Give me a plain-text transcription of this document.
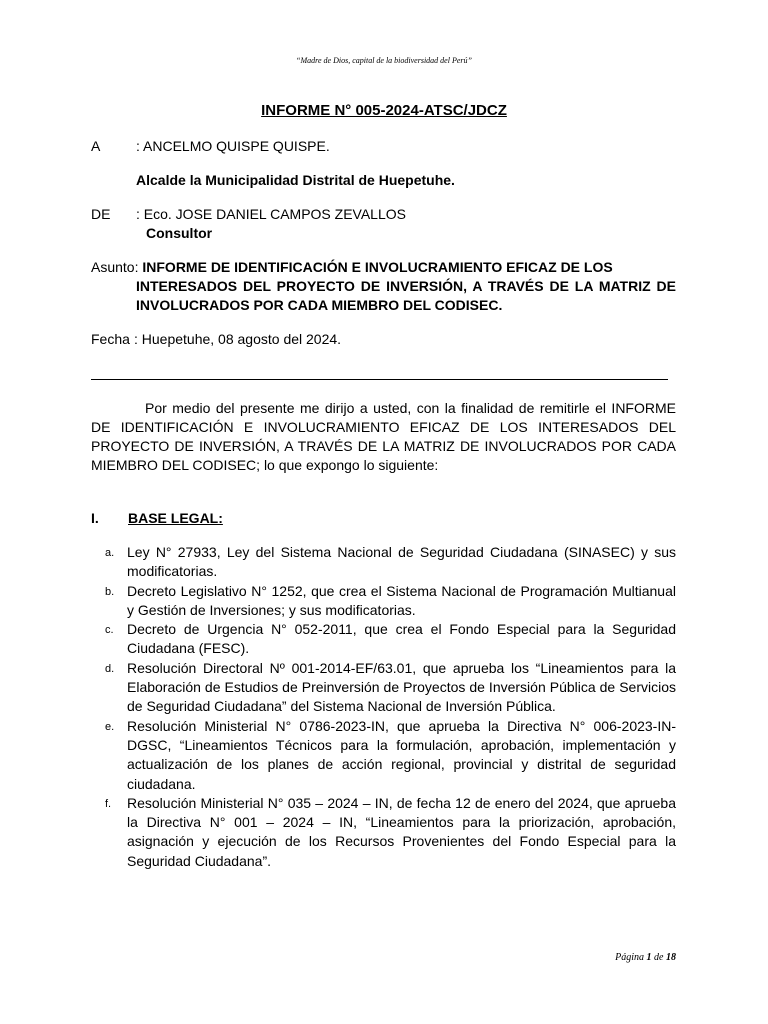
“Madre de Dios, capital de la biodiversidad del Perú”
INFORME N° 005-2024-ATSC/JDCZ
A	: ANCELMO QUISPE QUISPE.
Alcalde la Municipalidad Distrital de Huepetuhe.
DE : Eco. JOSE DANIEL CAMPOS ZEVALLOS
Consultor
Asunto: INFORME DE IDENTIFICACIÓN E INVOLUCRAMIENTO EFICAZ DE LOS
INTERESADOS DEL PROYECTO DE INVERSIÓN, A TRAVÉS DE LA MATRIZ DE INVOLUCRADOS POR CADA MIEMBRO DEL CODISEC.
Fecha : Huepetuhe, 08 agosto del 2024.
Por medio del presente me dirijo a usted, con la finalidad de remitirle el INFORME DE IDENTIFICACIÓN E INVOLUCRAMIENTO EFICAZ DE LOS INTERESADOS DEL PROYECTO DE INVERSIÓN, A TRAVÉS DE LA MATRIZ DE INVOLUCRADOS POR CADA MIEMBRO DEL CODISEC; lo que expongo lo siguiente:
I. BASE LEGAL:
a. Ley N° 27933, Ley del Sistema Nacional de Seguridad Ciudadana (SINASEC) y sus modificatorias.
b. Decreto Legislativo N° 1252, que crea el Sistema Nacional de Programación Multianual y Gestión de Inversiones; y sus modificatorias.
c. Decreto de Urgencia N° 052-2011, que crea el Fondo Especial para la Seguridad Ciudadana (FESC).
d. Resolución Directoral Nº 001-2014-EF/63.01, que aprueba los “Lineamientos para la Elaboración de Estudios de Preinversión de Proyectos de Inversión Pública de Servicios de Seguridad Ciudadana” del Sistema Nacional de Inversión Pública.
e. Resolución Ministerial N° 0786-2023-IN, que aprueba la Directiva N° 006-2023-IN-DGSC, “Lineamientos Técnicos para la formulación, aprobación, implementación y actualización de los planes de acción regional, provincial y distrital de seguridad ciudadana.
f. Resolución Ministerial N° 035 – 2024 – IN, de fecha 12 de enero del 2024, que aprueba la Directiva N° 001 – 2024 – IN, “Lineamientos para la priorización, aprobación, asignación y ejecución de los Recursos Provenientes del Fondo Especial para la Seguridad Ciudadana”.
Página 1 de 18
